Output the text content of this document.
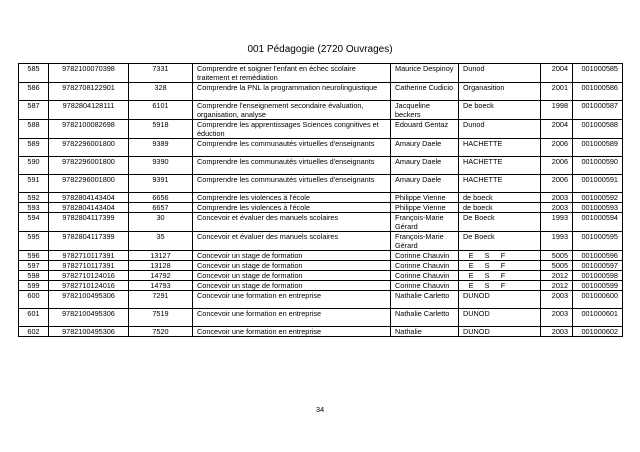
001 Pédagogie (2720 Ouvrages)
585	9782100070398	7331	Comprendre et soigner l'enfant en échec scolaire traitement et remédiation	Maurice Despinoy	Dunod	2004	001000585
586	9782708122901	328	Comprendre la PNL la programmation neurolinguistique	Catherine Cudicio	Organasition	2001	001000586
587	9782804128111	6101	Comprendre l'enseignement secondaire évaluation, organisation, analyse	Jacqueline beckers	De boeck	1998	001000587
588	9782100082698	5918	Comprendre les apprentissages Sciences congnitives et éduction	Edouard Gentaz	Dunod	2004	001000588
589	9782296001800	9389	Comprendre les communautés virtuelles d'enseignants	Amaury Daele	HACHETTE	2006	001000589
590	9782296001800	9390	Comprendre les communautés virtuelles d'enseignants	Amaury Daele	HACHETTE	2006	001000590
591	9782296001800	9391	Comprendre les communautés virtuelles d'enseignants	Amaury Daele	HACHETTE	2006	001000591
592	9782804143404	6656	Comprendre les violences à l'école	Philippe Vienne	de boeck	2003	001000592
593	9782804143404	6657	Comprendre les violences à l'école	Philippe Vienne	de boeck	2003	001000593
594	9782804117399	30	Concevoir et évaluer des manuels scolaires	François-Marie Gérard	De Boeck	1993	001000594
595	9782804117399	35	Concevoir et évaluer des manuels scolaires	François-Marie Gérard	De Boeck	1993	001000595
596	9782710117391	13127	Concevoir un stage de formation	Corinne Chauvin	E S F	5005	001000596
597	9782710117391	13128	Concevoir un stage de formation	Corinne Chauvin	E S F	5005	001000597
598	9782710124016	14792	Concevoir un stage de formation	Corinne Chauvin	E S F	2012	001000598
599	9782710124016	14793	Concevoir un stage de formation	Corinne Chauvin	E S F	2012	001000599
600	9782100495306	7291	Concevoir une formation en entreprise	Nathalie Carletto	DUNOD	2003	001000600
601	9782100495306	7519	Concevoir une formation en entreprise	Nathalie Carletto	DUNOD	2003	001000601
602	9782100495306	7520	Concevoir une formation en entreprise	Nathalie	DUNOD	2003	001000602
34
